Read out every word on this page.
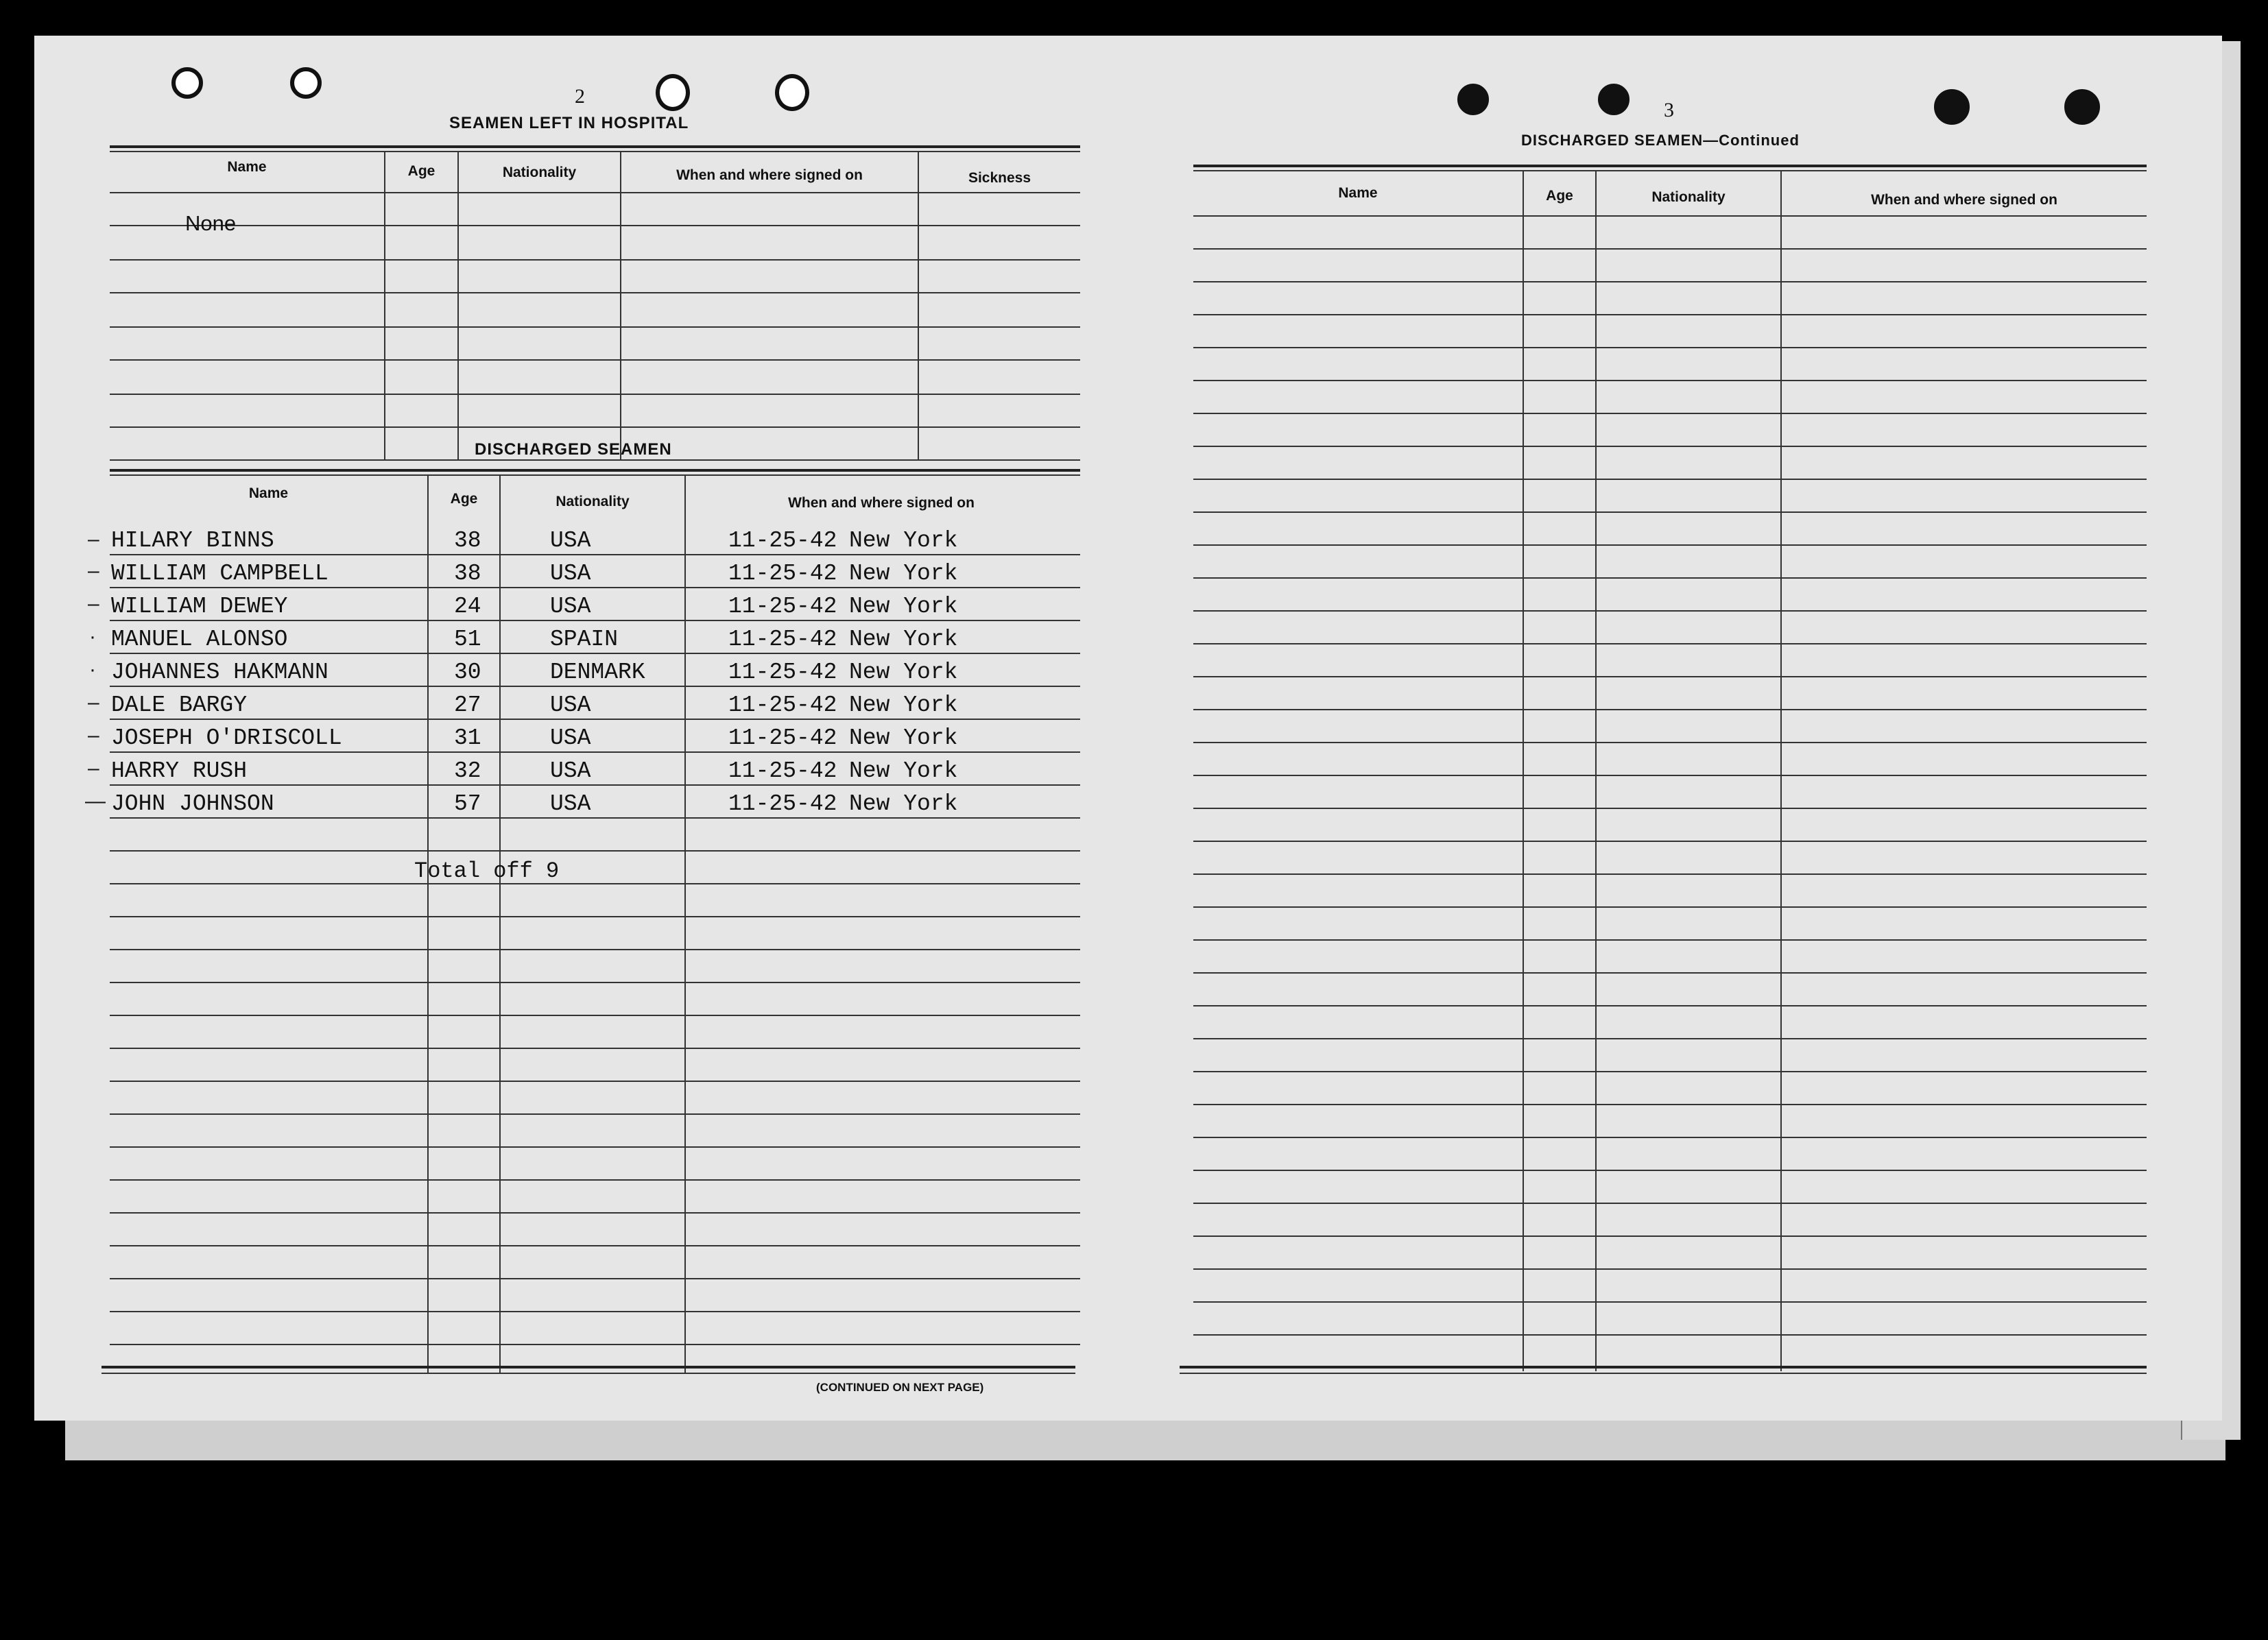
2
SEAMEN LEFT IN HOSPITAL
Name	Age	Nationality	When and where signed on	Sickness
None
DISCHARGED SEAMEN
Name	Age	Nationality	When and where signed on
–
–
–
·
·
–
–
–
—
HILARY BINNS	38	USA	11-25-42 New York
WILLIAM CAMPBELL	38	USA	11-25-42 New York
WILLIAM DEWEY	24	USA	11-25-42 New York
MANUEL ALONSO	51	SPAIN	11-25-42 New York
JOHANNES HAKMANN	30	DENMARK	11-25-42 New York
DALE BARGY	27	USA	11-25-42 New York
JOSEPH O'DRISCOLL	31	USA	11-25-42 New York
HARRY RUSH	32	USA	11-25-42 New York
JOHN JOHNSON	57	USA	11-25-42 New York
Total off 9
(CONTINUED ON NEXT PAGE)
3
DISCHARGED SEAMEN—Continued
Name	Age	Nationality	When and where signed on
